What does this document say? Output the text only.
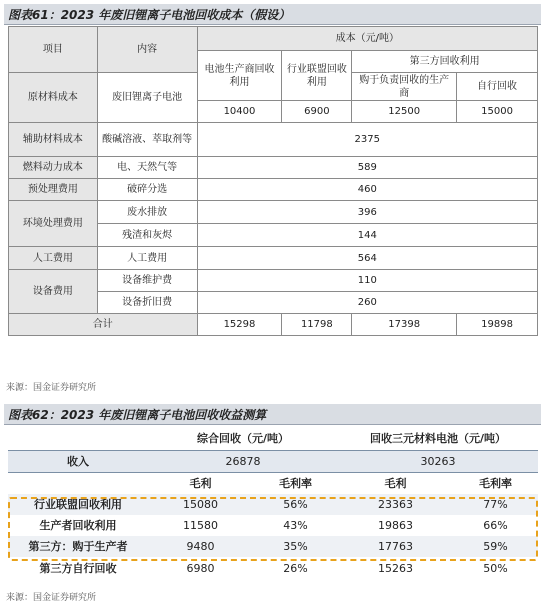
图表61：2023 年废旧锂离子电池回收成本（假设）
项目	内容	成本（元/吨）			
		电池生产商回收利用	行业联盟回收利用	第三方回收利用	
原材料成本	废旧锂离子电池			购于负责回收的生产商	自行回收
		10400	6900	12500	15000
辅助材料成本	酸碱溶液、萃取剂等	2375			
燃料动力成本	电、天然气等	589			
预处理费用	破碎分选	460			
环境处理费用	废水排放	396			
	残渣和灰烬	144			
人工费用	人工费用	564			
设备费用	设备维护费	110			
	设备折旧费	260			
合计		15298	11798	17398	19898
来源：国金证券研究所
图表62：2023 年废旧锂离子电池回收收益测算
	综合回收（元/吨）		回收三元材料电池（元/吨）	
收入	26878		30263	
	毛利	毛利率	毛利	毛利率
行业联盟回收利用	15080	56%	23363	77%
生产者回收利用	11580	43%	19863	66%
第三方：购于生产者	9480	35%	17763	59%
第三方自行回收	6980	26%	15263	50%
来源：国金证券研究所
